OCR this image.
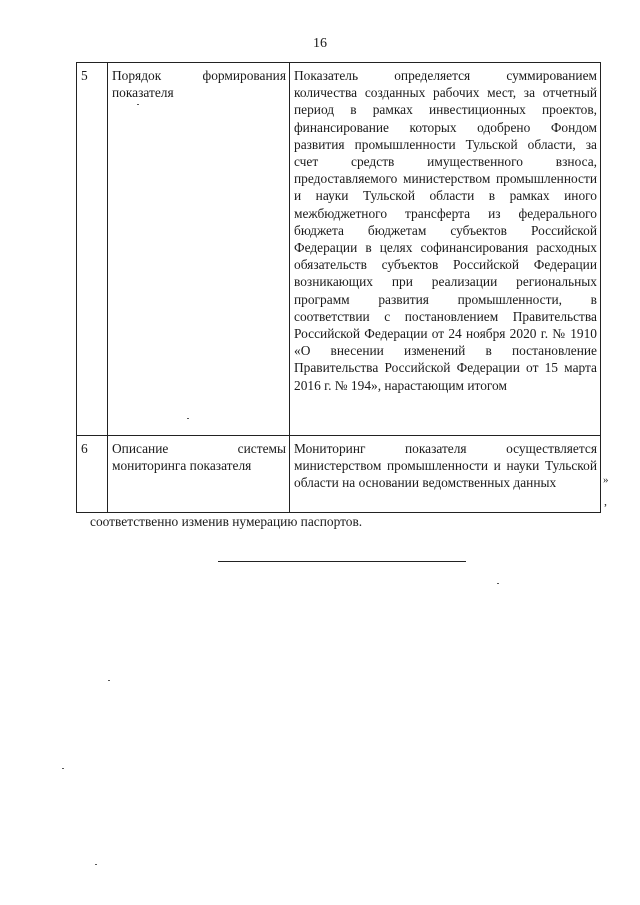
16
5	Порядок формирования показателя	Показатель определяется суммированием количества созданных рабочих мест, за отчетный период в рамках инвестиционных проектов, финансирование которых одобрено Фондом развития промышленности Тульской области, за счет средств имущественного взноса, предоставляемого министерством промышленности и науки Тульской области в рамках иного межбюджетного трансферта из федерального бюджета бюджетам субъектов Российской Федерации в целях софинансирования расходных обязательств субъектов Российской Федерации возникающих при реализации региональных программ развития промышленности, в соответствии с постановлением Правительства Российской Федерации от 24 ноября 2020 г. № 1910 «О внесении изменений в постановление Правительства Российской Федерации от 15 марта 2016 г. № 194», нарастающим итогом
6	Описание системы мониторинга показателя	Мониторинг показателя осуществляется министерством промышленности и науки Тульской области на основании ведомственных данных	»
,
соответственно изменив нумерацию паспортов.
